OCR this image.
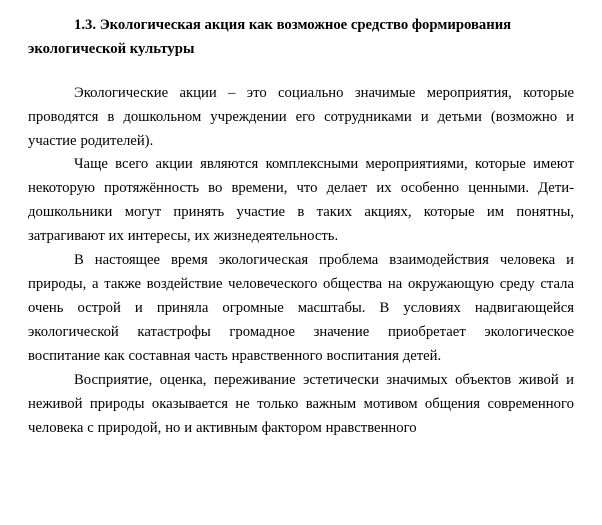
1.3. Экологическая акция как возможное средство формирования
экологической культуры

Экологические акции – это социально значимые мероприятия, которые проводятся в дошкольном учреждении его сотрудниками и детьми (возможно и участие родителей).

Чаще всего акции являются комплексными мероприятиями, которые имеют некоторую протяжённость во времени, что делает их особенно ценными. Дети-дошкольники могут принять участие в таких акциях, которые им понятны, затрагивают их интересы, их жизнедеятельность.

В настоящее время экологическая проблема взаимодействия человека и природы, а также воздействие человеческого общества на окружающую среду стала очень острой и приняла огромные масштабы. В условиях надвигающейся экологической катастрофы громадное значение приобретает экологическое воспитание как составная часть нравственного воспитания детей.

Восприятие, оценка, переживание эстетически значимых объектов живой и неживой природы оказывается не только важным мотивом общения современного человека с природой, но и активным фактором нравственного
